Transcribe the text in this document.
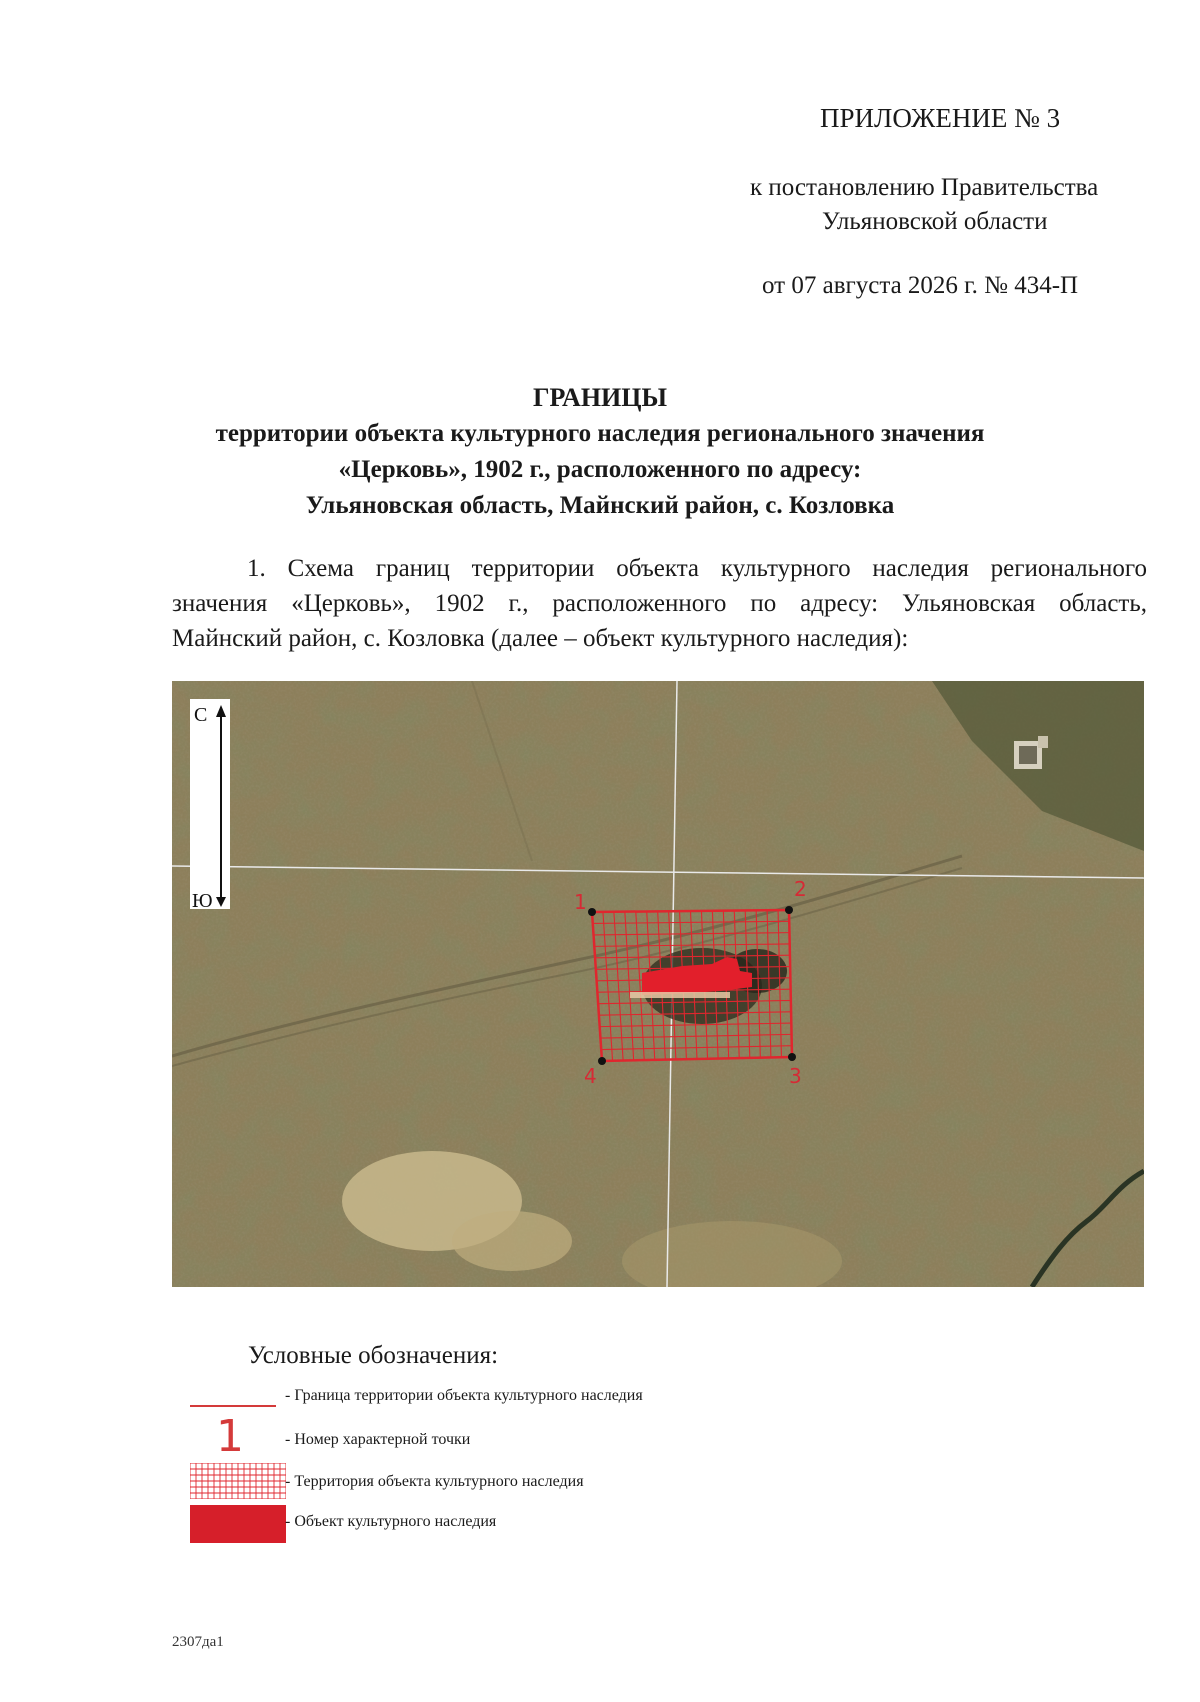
ПРИЛОЖЕНИЕ № 3
к постановлению Правительства
Ульяновской области
от 07 августа 2026 г. № 434-П
ГРАНИЦЫ
территории объекта культурного наследия регионального значения
«Церковь», 1902 г., расположенного по адресу:
Ульяновская область, Майнский район, с. Козловка
1. Схема границ территории объекта культурного наследия регионального
значения «Церковь», 1902 г., расположенного по адресу: Ульяновская область,
Майнский район, с. Козловка (далее – объект культурного наследия):
С
Ю	1
2
3
4
Условные обозначения:
- Граница территории объекта культурного наследия
1	- Номер характерной точки
- Территория объекта культурного наследия
- Объект культурного наследия
2307да1
